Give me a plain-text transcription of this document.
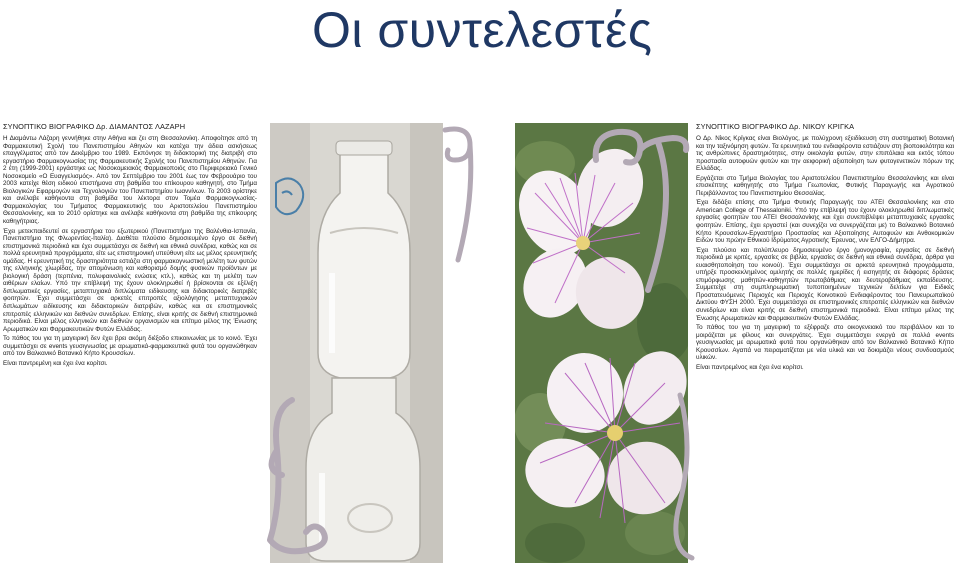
Οι συντελεστές
ΣΥΝΟΠΤΙΚΟ ΒΙΟΓΡΑΦΙΚΟ Δρ. ΔΙΑΜΑΝΤΟΣ ΛΑΖΑΡΗ

Η Διαμάντω Λάζαρη γεννήθηκε στην Αθήνα και ζει στη Θεσσαλονίκη. Αποφοίτησε από τη Φαρμακευτική Σχολή του Πανεπιστημίου Αθηνών και κατέχει την άδεια ασκήσεως επαγγέλματος από τον Δεκέμβριο του 1989. Εκπόνησε τη διδακτορική της διατριβή στο εργαστήριο Φαρμακογνωσίας της Φαρμακευτικής Σχολής του Πανεπιστημίου Αθηνών. Για 2 έτη (1999-2001) εργάστηκε ως Νοσοκομειακός Φαρμακοποιός στο Περιφερειακό Γενικό Νοσοκομείο «Ο Ευαγγελισμός». Από τον Σεπτέμβριο του 2001 έως τον Φεβρουάριο του 2003 κατείχε θέση ειδικού επιστήμονα στη βαθμίδα του επίκουρου καθηγητή, στο Τμήμα Βιολογικών Εφαρμογών και Τεχνολογιών του Πανεπιστημίου Ιωαννίνων. Το 2003 ορίστηκε και ανέλαβε καθήκοντα στη βαθμίδα του λέκτορα στον Τομέα Φαρμακογνωσίας-Φαρμακολογίας του Τμήματος Φαρμακευτικής του Αριστοτελείου Πανεπιστημίου Θεσσαλονίκης, και το 2010 ορίστηκε και ανέλαβε καθήκοντα στη βαθμίδα της επίκουρης καθηγήτριας.

Έχει μετεκπαιδευτεί σε εργαστήρια του εξωτερικού (Πανεπιστήμιο της Βαλένθια-Ισπανία, Πανεπιστήμιο της Φλωρεντίας-Ιταλία). Διαθέτει πλούσιο δημοσιευμένο έργο σε διεθνή επιστημονικά περιοδικά και έχει συμμετάσχει σε διεθνή και εθνικά συνέδρια, καθώς και σε πολλά ερευνητικά προγράμματα, είτε ως επιστημονική υπεύθυνη είτε ως μέλος ερευνητικής ομάδας. Η ερευνητική της δραστηριότητα εστιάζει στη φαρμακογνωστική μελέτη των φυτών της ελληνικής χλωρίδας, την απομόνωση και καθορισμό δομής φυσικών προϊόντων με βιολογική δράση (τερπένια, πολυφαινολικές ενώσεις κτλ.), καθώς και τη μελέτη των αιθέριων ελαίων. Υπό την επίβλεψή της έχουν ολοκληρωθεί ή βρίσκονται σε εξέλιξη διπλωματικές εργασίες, μεταπτυχιακά διπλώματα ειδίκευσης και διδακτορικές διατριβές φοιτητών. Έχει συμμετάσχει σε αρκετές επιτροπές αξιολόγησης μεταπτυχιακών διπλωμάτων ειδίκευσης και διδακτορικών διατριβών, καθώς και σε επιστημονικές επιτροπές ελληνικών και διεθνών συνεδρίων. Επίσης, είναι κριτής σε διεθνή επιστημονικά περιοδικά. Είναι μέλος ελληνικών και διεθνών οργανισμών και επίτιμο μέλος της Ένωσης Αρωματικών και Φαρμακευτικών Φυτών Ελλάδας.

Το πάθος του για τη μαγειρική δεν έχει βρει ακόμη διέξοδο επικοινωνίας με το κοινό. Έχει συμμετάσχει σε events γευσιγνωσίας με αρωματικά-φαρμακευτικά φυτά του οργανώθηκαν από τον Βαλκανικό Βοτανικό Κήπο Κρουσσίων.

Είναι παντρεμένη και έχει ένα κορίτσι.

ΣΥΝΟΠΤΙΚΟ ΒΙΟΓΡΑΦΙΚΟ Δρ. ΝΙΚΟΥ ΚΡΙΓΚΑ

Ο Δρ. Νίκος Κρίγκας είναι Βιολόγος, με πολύχρονη εξειδίκευση στη συστηματική Βοτανική και την ταξινόμηση φυτών. Τα ερευνητικά του ενδιαφέροντα εστιάζουν στη βιοποικιλότητα και τις ανθρώπινες δραστηριότητες, στην οικολογία φυτών, στην επιπόλαια και εκτός τόπου προστασία αυτοφυών φυτών και την αειφορική αξιοποίηση των φυτογενετικών πόρων της Ελλάδας.

Εργάζεται στο Τμήμα Βιολογίας του Αριστοτελείου Πανεπιστημίου Θεσσαλονίκης και είναι επισκέπτης καθηγητής στο Τμήμα Γεωπονίας, Φυτικής Παραγωγής και Αγροτικού Περιβάλλοντος του Πανεπιστημίου Θεσσαλίας.

Έχει διδάξει επίσης στο Τμήμα Φυτικής Παραγωγής του ΑΤΕΙ Θεσσαλονίκης και στο American College of Thessaloniki. Υπό την επίβλεψή του έχουν ολοκληρωθεί διπλωματικές εργασίες φοιτητών του ΑΤΕΙ Θεσσαλονίκης και έχει συνεπιβλέψει μεταπτυχιακές εργασίες φοιτητών. Επίσης, έχει εργαστεί (και συνεχίζει να συνεργάζεται με) το Βαλκανικό Βοτανικό Κήπο Κρουσσίων-Εργαστήριο Προστασίας και Αξιοποίησης Αυτοφυών και Ανθοκομικών Ειδών του πρώην Εθνικού Ιδρύματος Αγροτικής Έρευνας, νυν ΕΛΓΟ-Δήμητρα.

Έχει πλούσιο και πολύπλευρο δημοσιευμένο έργο (μονογραφία, εργασίες σε διεθνή περιοδικά με κριτές, εργασίες σε βιβλία, εργασίες σε διεθνή και εθνικά συνέδρια, άρθρα για ευαισθητοποίηση του κοινού). Έχει συμμετάσχει σε αρκετά ερευνητικά προγράμματα, υπήρξε προσκεκλημένος ομιλητής σε πολλές ημερίδες ή εισηγητής σε διάφορες δράσεις επιμόρφωσης μαθητών-καθηγητών πρωτοβάθμιας και δευτεροβάθμιας εκπαίδευσης. Συμμετείχε στη συμπληρωματική τυποποιημένων τεχνικών δελτίων για Ειδικές Προστατευόμενες Περιοχές και Περιοχές Κοινοτικού Ενδιαφέροντος του Πανευρωπαϊκού Δικτύου ΦΥΣΗ 2000. Έχει συμμετάσχει σε επιστημονικές επιτροπές ελληνικών και διεθνών συνεδρίων και είναι κριτής σε διεθνή επιστημονικά περιοδικά. Είναι επίτιμο μέλος της Ένωσης Αρωματικών και Φαρμακευτικών Φυτών Ελλάδας.

Το πάθος του για τη μαγειρική το εξέφραζε στο οικογενειακό του περιβάλλον και το μοιράζεται με φίλους και συνεργάτες. Έχει συμμετάσχει ενεργά σε πολλά events γευσιγνωσίας με αρωματικά φυτά που οργανώθηκαν από τον Βαλκανικό Βοτανικό Κήπο Κρουσσίων. Αγαπά να πειραματίζεται με νέα υλικά και να δοκιμάζει νέους συνδυασμούς υλικών.

Είναι παντρεμένος και έχει ένα κορίτσι.
